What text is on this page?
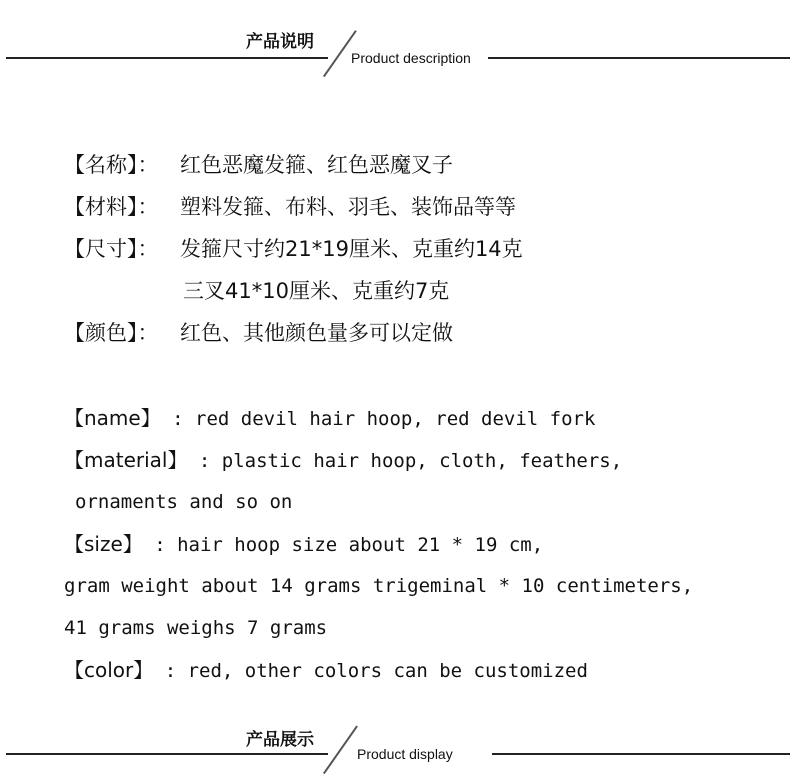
产品说明
Product description
【名称】： 红色恶魔发箍、红色恶魔叉子
【材料】： 塑料发箍、布料、羽毛、装饰品等等
【尺寸】： 发箍尺寸约21*19厘米、克重约14克
三叉41*10厘米、克重约7克
【颜色】： 红色、其他颜色量多可以定做
【name】 : red devil hair hoop, red devil fork
【material】 : plastic hair hoop, cloth, feathers,
ornaments and so on
【size】 : hair hoop size about 21 * 19 cm,
gram weight about 14 grams trigeminal * 10 centimeters,
41 grams weighs 7 grams
【color】 : red, other colors can be customized
产品展示
Product display
